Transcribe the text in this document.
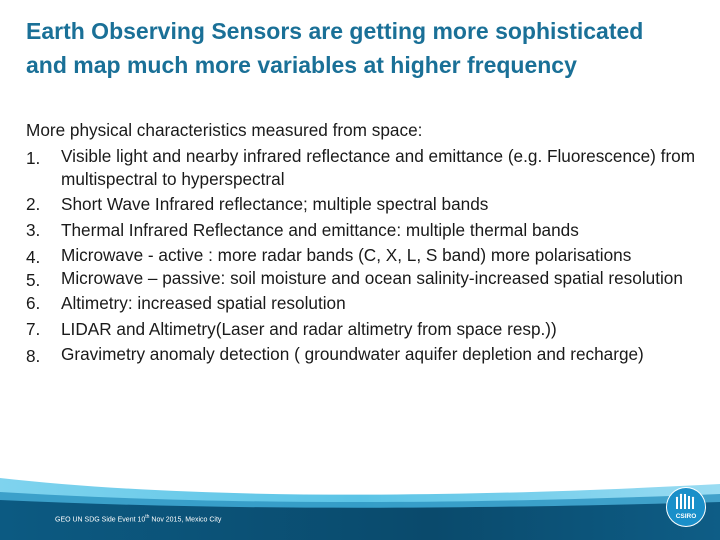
Earth Observing Sensors are getting more sophisticated
and map much more variables at higher frequency
More physical characteristics measured from space:
1. Visible light and nearby infrared reflectance and emittance (e.g. Fluorescence) from multispectral to hyperspectral
2. Short Wave Infrared reflectance; multiple spectral bands
3. Thermal Infrared Reflectance and emittance: multiple thermal bands
4. Microwave - active : more radar bands (C, X, L, S band) more polarisations
5. Microwave – passive: soil moisture and ocean salinity-increased spatial resolution
6. Altimetry: increased spatial resolution
7. LIDAR and Altimetry(Laser and radar altimetry from space resp.))
8. Gravimetry anomaly detection ( groundwater aquifer depletion and recharge)
GEO UN SDG Side Event 10th Nov 2015, Mexico City	CSIRO
